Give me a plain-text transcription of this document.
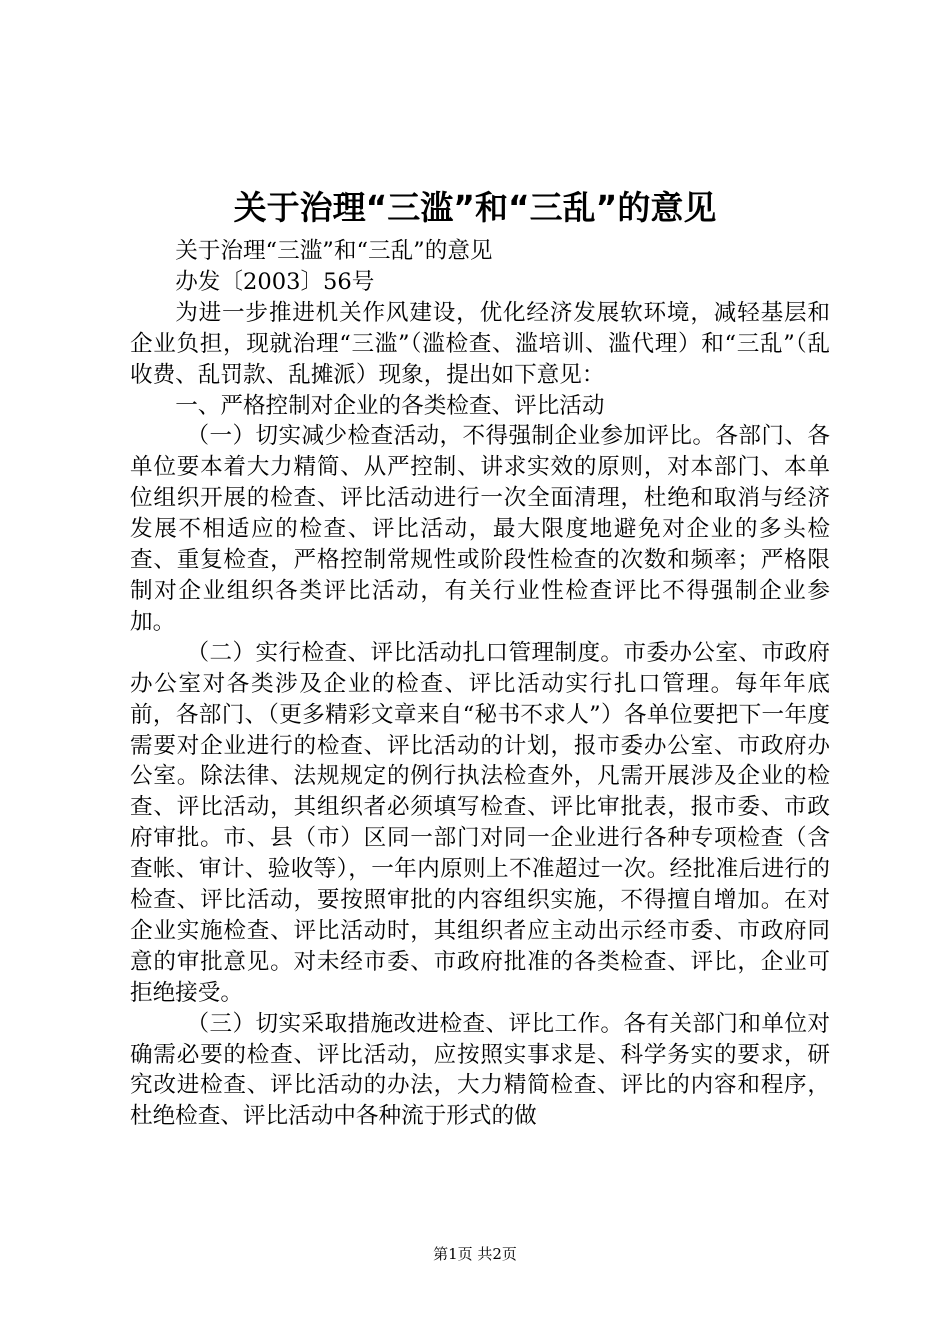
关于治理“三滥”和“三乱”的意见

关于治理“三滥”和“三乱”的意见

办发〔2003〕56号

为进一步推进机关作风建设，优化经济发展软环境，减轻基层和企业负担，现就治理“三滥”（滥检查、滥培训、滥代理）和“三乱”（乱收费、乱罚款、乱摊派）现象，提出如下意见：

一、严格控制对企业的各类检查、评比活动

（一）切实减少检查活动，不得强制企业参加评比。各部门、各单位要本着大力精简、从严控制、讲求实效的原则，对本部门、本单位组织开展的检查、评比活动进行一次全面清理，杜绝和取消与经济发展不相适应的检查、评比活动，最大限度地避免对企业的多头检查、重复检查，严格控制常规性或阶段性检查的次数和频率；严格限制对企业组织各类评比活动，有关行业性检查评比不得强制企业参加。

（二）实行检查、评比活动扎口管理制度。市委办公室、市政府办公室对各类涉及企业的检查、评比活动实行扎口管理。每年年底前，各部门、（更多精彩文章来自“秘书不求人”）各单位要把下一年度需要对企业进行的检查、评比活动的计划，报市委办公室、市政府办公室。除法律、法规规定的例行执法检查外，凡需开展涉及企业的检查、评比活动，其组织者必须填写检查、评比审批表，报市委、市政府审批。市、县（市）区同一部门对同一企业进行各种专项检查（含查帐、审计、验收等），一年内原则上不准超过一次。经批准后进行的检查、评比活动，要按照审批的内容组织实施，不得擅自增加。在对企业实施检查、评比活动时，其组织者应主动出示经市委、市政府同意的审批意见。对未经市委、市政府批准的各类检查、评比，企业可拒绝接受。

（三）切实采取措施改进检查、评比工作。各有关部门和单位对确需必要的检查、评比活动，应按照实事求是、科学务实的要求，研究改进检查、评比活动的办法，大力精简检查、评比的内容和程序，杜绝检查、评比活动中各种流于形式的做

第1页 共2页
